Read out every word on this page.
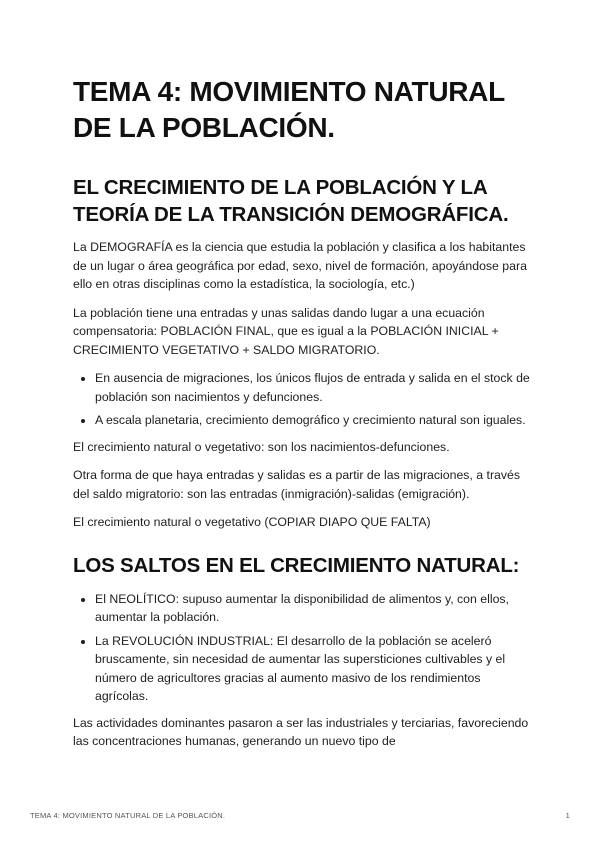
TEMA 4: MOVIMIENTO NATURAL DE LA POBLACIÓN.
EL CRECIMIENTO DE LA POBLACIÓN Y LA TEORÍA DE LA TRANSICIÓN DEMOGRÁFICA.

La DEMOGRAFÍA es la ciencia que estudia la población y clasifica a los habitantes de un lugar o área geográfica por edad, sexo, nivel de formación, apoyándose para ello en otras disciplinas como la estadística, la sociología, etc.)

La población tiene una entradas y unas salidas dando lugar a una ecuación compensatoria: POBLACIÓN FINAL, que es igual a la POBLACIÓN INICIAL + CRECIMIENTO VEGETATIVO + SALDO MIGRATORIO.

• En ausencia de migraciones, los únicos flujos de entrada y salida en el stock de población son nacimientos y defunciones.
• A escala planetaria, crecimiento demográfico y crecimiento natural son iguales.

El crecimiento natural o vegetativo: son los nacimientos-defunciones.

Otra forma de que haya entradas y salidas es a partir de las migraciones, a través del saldo migratorio: son las entradas (inmigración)-salidas (emigración).

El crecimiento natural o vegetativo (COPIAR DIAPO QUE FALTA)

LOS SALTOS EN EL CRECIMIENTO NATURAL:
• El NEOLÍTICO: supuso aumentar la disponibilidad de alimentos y, con ellos, aumentar la población.
• La REVOLUCIÓN INDUSTRIAL: El desarrollo de la población se aceleró bruscamente, sin necesidad de aumentar las supersticiones cultivables y el número de agricultores gracias al aumento masivo de los rendimientos agrícolas.

Las actividades dominantes pasaron a ser las industriales y terciarias, favoreciendo las concentraciones humanas, generando un nuevo tipo de

TEMA 4: MOVIMIENTO NATURAL DE LA POBLACIÓN.	1
